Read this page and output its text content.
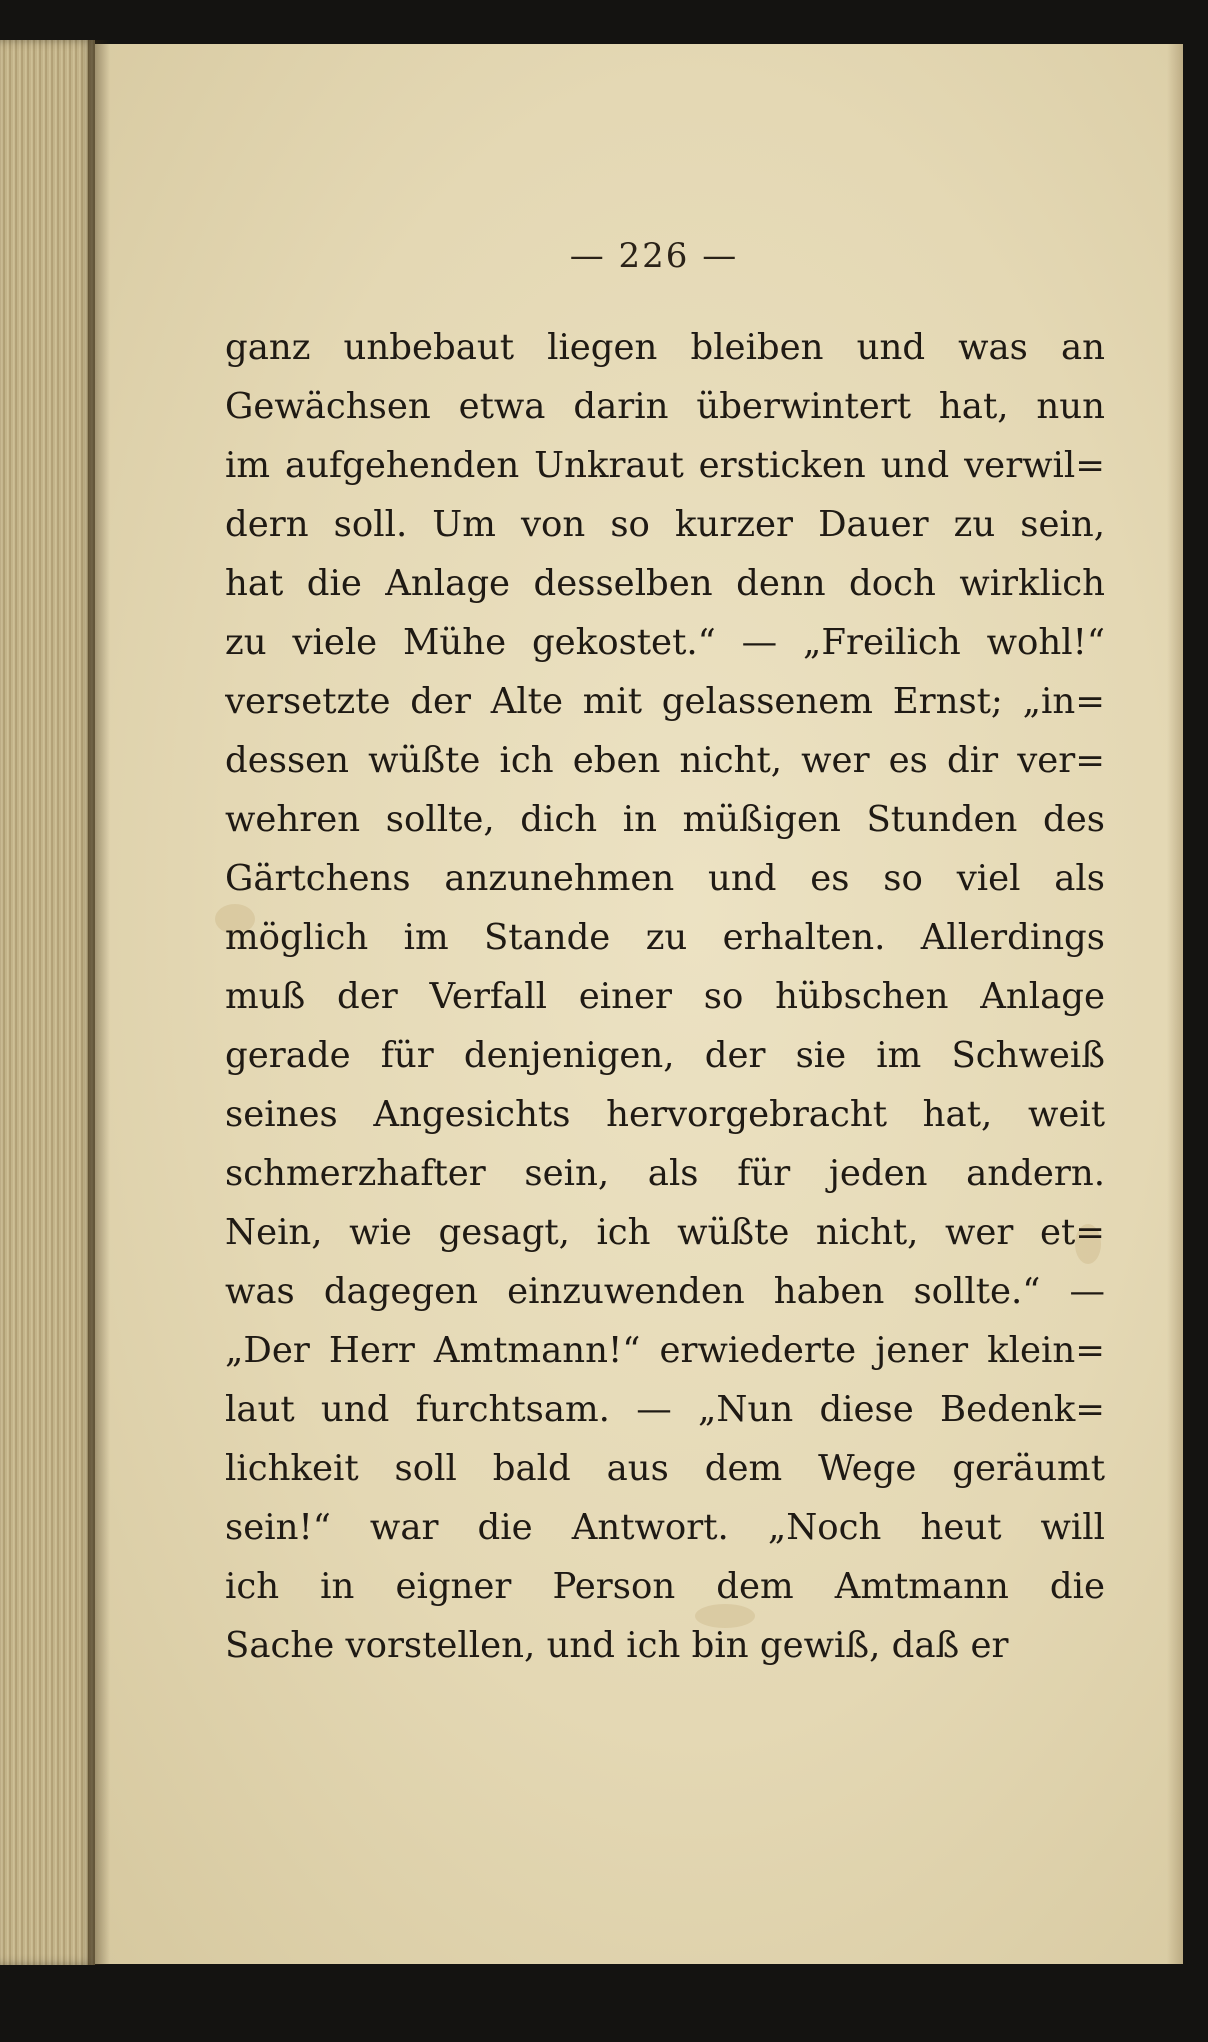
— 226 —
ganz unbebaut liegen bleiben und was an
Gewächsen etwa darin überwintert hat, nun
im aufgehenden Unkraut ersticken und verwil=
dern soll. Um von so kurzer Dauer zu sein,
hat die Anlage desselben denn doch wirklich
zu viele Mühe gekostet.“ — „Freilich wohl!“
versetzte der Alte mit gelassenem Ernst; „in=
dessen wüßte ich eben nicht, wer es dir ver=
wehren sollte, dich in müßigen Stunden des
Gärtchens anzunehmen und es so viel als
möglich im Stande zu erhalten. Allerdings
muß der Verfall einer so hübschen Anlage
gerade für denjenigen, der sie im Schweiß
seines Angesichts hervorgebracht hat, weit
schmerzhafter sein, als für jeden andern.
Nein, wie gesagt, ich wüßte nicht, wer et=
was dagegen einzuwenden haben sollte.“ —
„Der Herr Amtmann!“ erwiederte jener klein=
laut und furchtsam. — „Nun diese Bedenk=
lichkeit soll bald aus dem Wege geräumt
sein!“ war die Antwort. „Noch heut will
ich in eigner Person dem Amtmann die
Sache vorstellen, und ich bin gewiß, daß er
